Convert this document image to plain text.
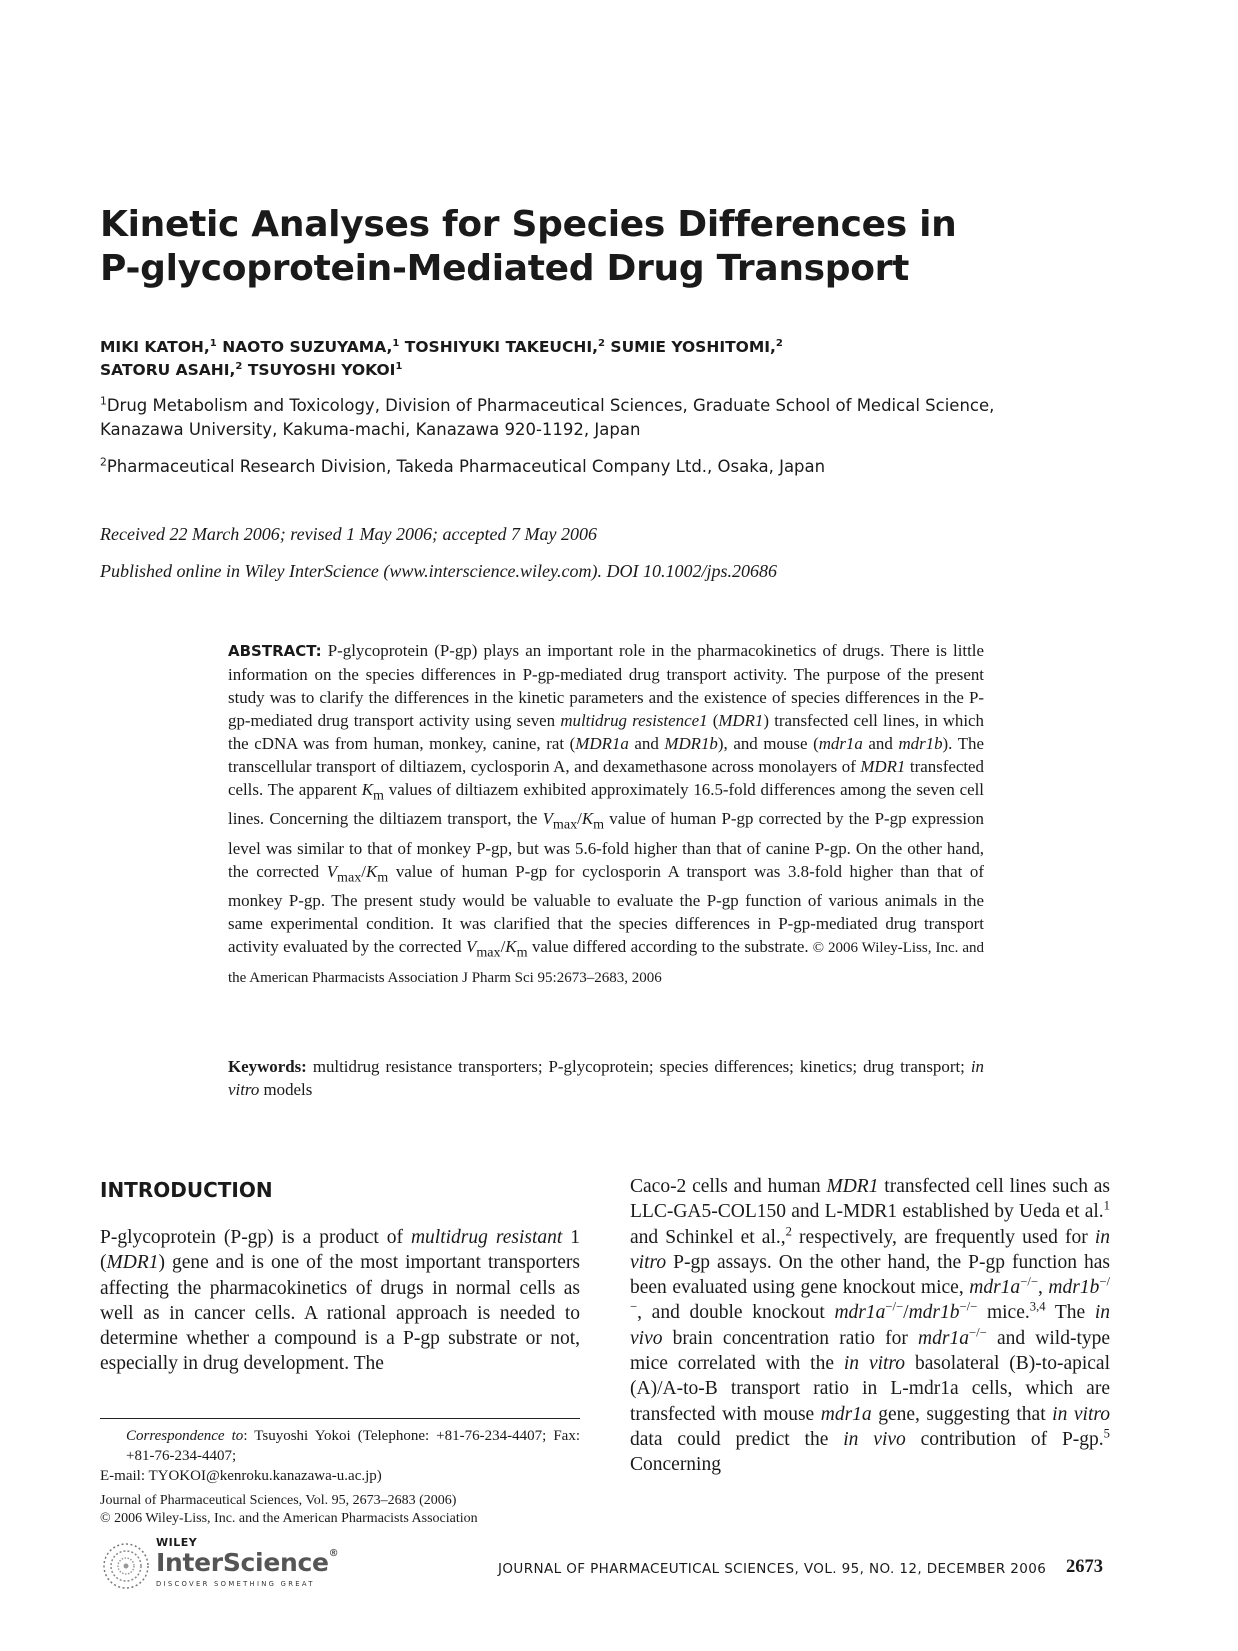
Kinetic Analyses for Species Differences in
P-glycoprotein-Mediated Drug Transport
MIKI KATOH,$^1$ NAOTO SUZUYAMA,$^1$ TOSHIYUKI TAKEUCHI,$^2$ SUMIE YOSHITOMI,$^2$
SATORU ASAHI,$^2$ TSUYOSHI YOKOI$^1$
$^1$Drug Metabolism and Toxicology, Division of Pharmaceutical Sciences, Graduate School of Medical Science,
Kanazawa University, Kakuma-machi, Kanazawa 920-1192, Japan
$^2$Pharmaceutical Research Division, Takeda Pharmaceutical Company Ltd., Osaka, Japan
Received 22 March 2006; revised 1 May 2006; accepted 7 May 2006
Published online in Wiley InterScience (www.interscience.wiley.com). DOI 10.1002/jps.20686
ABSTRACT: P-glycoprotein (P-gp) plays an important role in the pharmacokinetics of drugs. There is little information on the species differences in P-gp-mediated drug transport activity. The purpose of the present study was to clarify the differences in the kinetic parameters and the existence of species differences in the P-gp-mediated drug transport activity using seven multidrug resistence1 (MDR1) transfected cell lines, in which the cDNA was from human, monkey, canine, rat (MDR1a and MDR1b), and mouse (mdr1a and mdr1b). The transcellular transport of diltiazem, cyclosporin A, and dexamethasone across monolayers of MDR1 transfected cells. The apparent $K_m$ values of diltiazem exhibited approximately 16.5-fold differences among the seven cell lines. Concerning the diltiazem transport, the $V_{max}/K_m$ value of human P-gp corrected by the P-gp expression level was similar to that of monkey P-gp, but was 5.6-fold higher than that of canine P-gp. On the other hand, the corrected $V_{max}/K_m$ value of human P-gp for cyclosporin A transport was 3.8-fold higher than that of monkey P-gp. The present study would be valuable to evaluate the P-gp function of various animals in the same experimental condition. It was clarified that the species differences in P-gp-mediated drug transport activity evaluated by the corrected $V_{max}/K_m$ value differed according to the substrate. © 2006 Wiley-Liss, Inc. and the American Pharmacists Association J Pharm Sci 95:2673–2683, 2006
Keywords: multidrug resistance transporters; P-glycoprotein; species differences; kinetics; drug transport; in vitro models
INTRODUCTION
P-glycoprotein (P-gp) is a product of multidrug resistant 1 (MDR1) gene and is one of the most important transporters affecting the pharmacokinetics of drugs in normal cells as well as in cancer cells. A rational approach is needed to determine whether a compound is a P-gp substrate or not, especially in drug development. The
Caco-2 cells and human MDR1 transfected cell lines such as LLC-GA5-COL150 and L-MDR1 established by Ueda et al.$^1$ and Schinkel et al.,$^2$ respectively, are frequently used for in vitro P-gp assays. On the other hand, the P-gp function has been evaluated using gene knockout mice, mdr1a−/−, mdr1b−/−, and double knockout mdr1a−/−/mdr1b−/− mice.$^{3,4}$ The in vivo brain concentration ratio for mdr1a−/− and wild-type mice correlated with the in vitro basolateral (B)-to-apical (A)/A-to-B transport ratio in L-mdr1a cells, which are transfected with mouse mdr1a gene, suggesting that in vitro data could predict the in vivo contribution of P-gp.$^5$ Concerning
Correspondence to: Tsuyoshi Yokoi (Telephone: +81-76-234-4407; Fax: +81-76-234-4407;
E-mail: TYOKOI@kenroku.kanazawa-u.ac.jp)
Journal of Pharmaceutical Sciences, Vol. 95, 2673–2683 (2006)
© 2006 Wiley-Liss, Inc. and the American Pharmacists Association
WILEY
InterScience®
DISCOVER SOMETHING GREAT
JOURNAL OF PHARMACEUTICAL SCIENCES, VOL. 95, NO. 12, DECEMBER 2006 2673
